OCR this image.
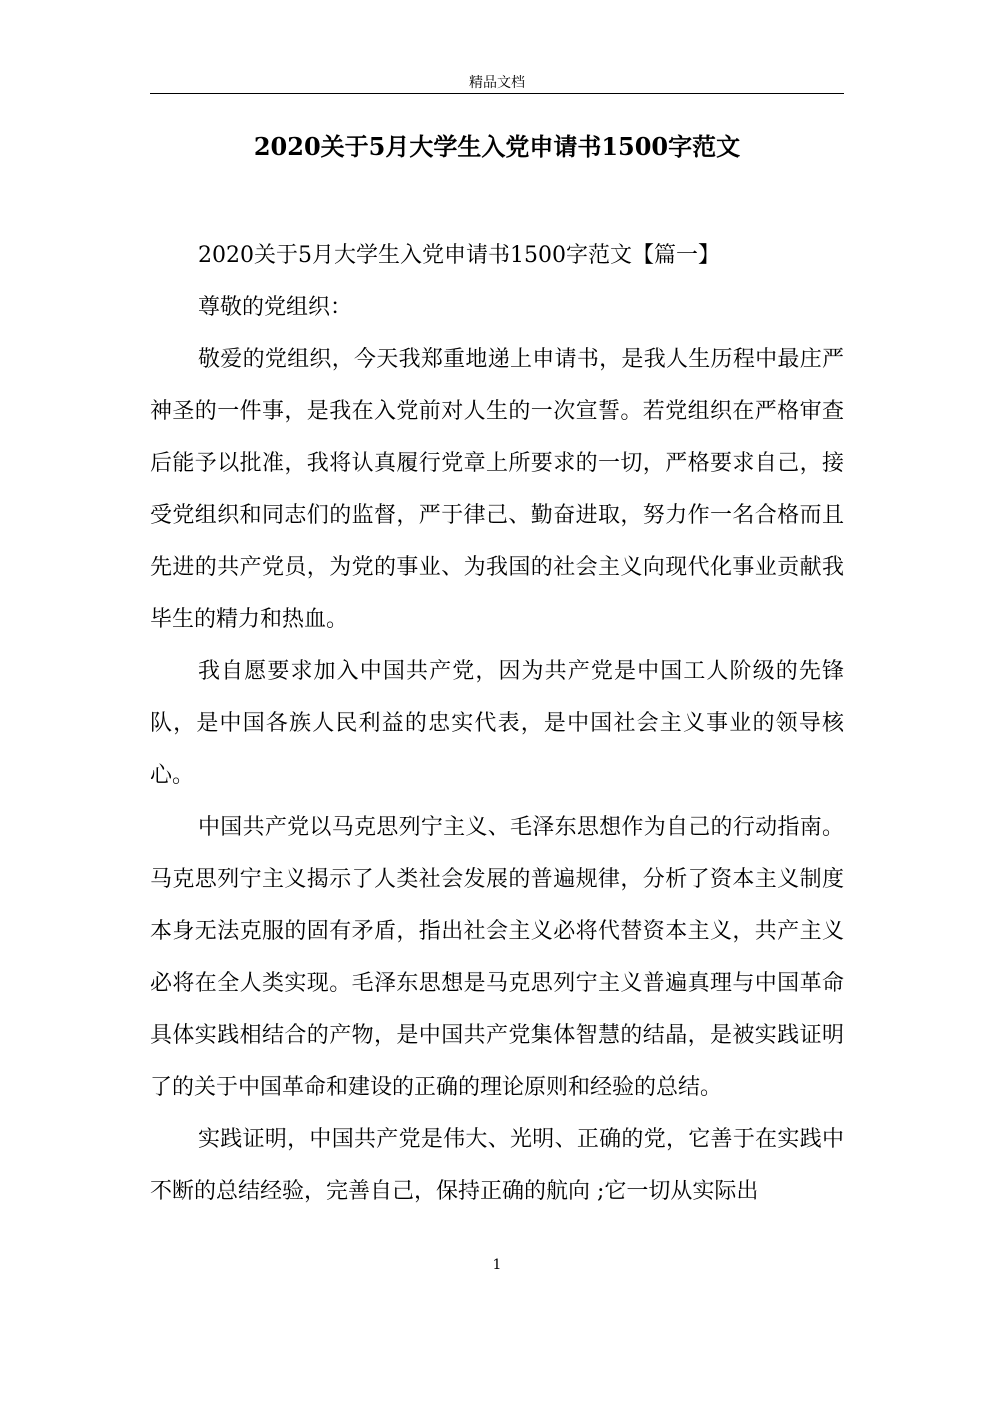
精品文档
2020关于5月大学生入党申请书1500字范文

2020关于5月大学生入党申请书1500字范文【篇一】

尊敬的党组织：

敬爱的党组织，今天我郑重地递上申请书，是我人生历程中最庄严神圣的一件事，是我在入党前对人生的一次宣誓。若党组织在严格审查后能予以批准，我将认真履行党章上所要求的一切，严格要求自己，接受党组织和同志们的监督，严于律己、勤奋进取，努力作一名合格而且先进的共产党员，为党的事业、为我国的社会主义向现代化事业贡献我毕生的精力和热血。

我自愿要求加入中国共产党，因为共产党是中国工人阶级的先锋队，是中国各族人民利益的忠实代表，是中国社会主义事业的领导核心。

中国共产党以马克思列宁主义、毛泽东思想作为自己的行动指南。马克思列宁主义揭示了人类社会发展的普遍规律，分析了资本主义制度本身无法克服的固有矛盾，指出社会主义必将代替资本主义，共产主义必将在全人类实现。毛泽东思想是马克思列宁主义普遍真理与中国革命具体实践相结合的产物，是中国共产党集体智慧的结晶，是被实践证明了的关于中国革命和建设的正确的理论原则和经验的总结。

实践证明，中国共产党是伟大、光明、正确的党，它善于在实践中不断的总结经验，完善自己，保持正确的航向 ;它一切从实际出

1
